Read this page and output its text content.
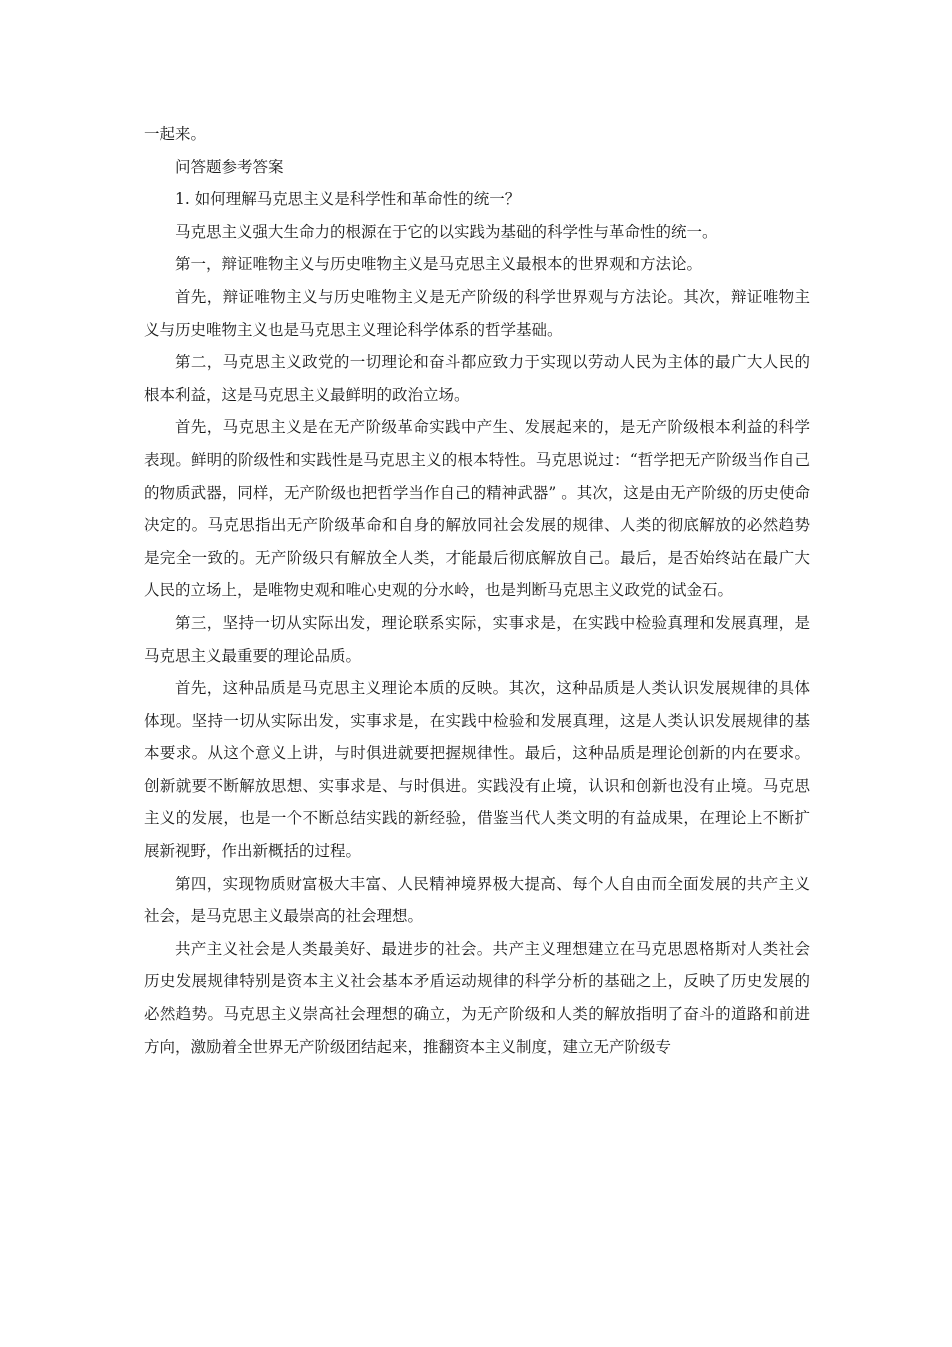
一起来。

问答题参考答案

1. 如何理解马克思主义是科学性和革命性的统一？

马克思主义强大生命力的根源在于它的以实践为基础的科学性与革命性的统一。

第一，辩证唯物主义与历史唯物主义是马克思主义最根本的世界观和方法论。

首先，辩证唯物主义与历史唯物主义是无产阶级的科学世界观与方法论。其次，辩证唯物主义与历史唯物主义也是马克思主义理论科学体系的哲学基础。

第二，马克思主义政党的一切理论和奋斗都应致力于实现以劳动人民为主体的最广大人民的根本利益，这是马克思主义最鲜明的政治立场。

首先，马克思主义是在无产阶级革命实践中产生、发展起来的，是无产阶级根本利益的科学表现。鲜明的阶级性和实践性是马克思主义的根本特性。马克思说过：“哲学把无产阶级当作自己的物质武器，同样，无产阶级也把哲学当作自己的精神武器” 。其次，这是由无产阶级的历史使命决定的。马克思指出无产阶级革命和自身的解放同社会发展的规律、人类的彻底解放的必然趋势是完全一致的。无产阶级只有解放全人类，才能最后彻底解放自己。最后，是否始终站在最广大人民的立场上，是唯物史观和唯心史观的分水岭，也是判断马克思主义政党的试金石。

第三，坚持一切从实际出发，理论联系实际，实事求是，在实践中检验真理和发展真理，是马克思主义最重要的理论品质。

首先，这种品质是马克思主义理论本质的反映。其次，这种品质是人类认识发展规律的具体体现。坚持一切从实际出发，实事求是，在实践中检验和发展真理，这是人类认识发展规律的基本要求。从这个意义上讲，与时俱进就要把握规律性。最后，这种品质是理论创新的内在要求。创新就要不断解放思想、实事求是、与时俱进。实践没有止境，认识和创新也没有止境。马克思主义的发展，也是一个不断总结实践的新经验，借鉴当代人类文明的有益成果，在理论上不断扩展新视野，作出新概括的过程。

第四，实现物质财富极大丰富、人民精神境界极大提高、每个人自由而全面发展的共产主义社会，是马克思主义最崇高的社会理想。

共产主义社会是人类最美好、最进步的社会。共产主义理想建立在马克思恩格斯对人类社会历史发展规律特别是资本主义社会基本矛盾运动规律的科学分析的基础之上，反映了历史发展的必然趋势。马克思主义崇高社会理想的确立，为无产阶级和人类的解放指明了奋斗的道路和前进方向，激励着全世界无产阶级团结起来，推翻资本主义制度，建立无产阶级专
